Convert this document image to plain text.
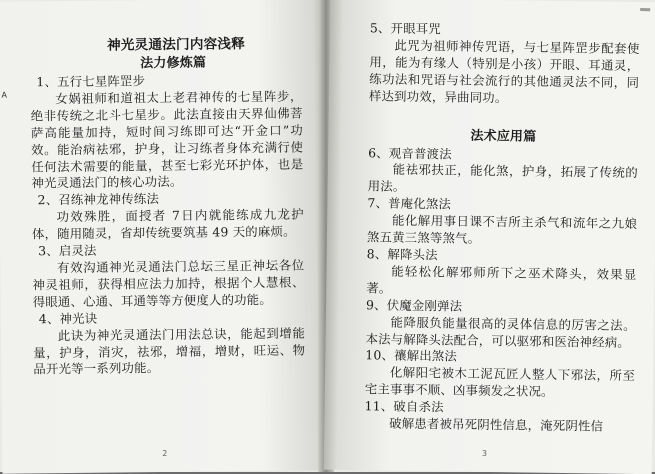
神光灵通法门内容浅释
法力修炼篇
1、五行七星阵罡步

女娲祖师和道祖太上老君神传的七星阵步，绝非传统之北斗七星步。此法直接由天界仙佛菩萨高能量加持，短时间习练即可达“开金口”功效。能治病祛邪，护身，让习练者身体充满行使任何法术需要的能量，甚至七彩光环护体，也是神光灵通法门的核心功法。

2、召练神龙神传练法

功效殊胜，面授者 7日内就能练成九龙护体，随用随灵，省却传统要筑基 49 天的麻烦。

3、启灵法

有效沟通神光灵通法门总坛三星正神坛各位神灵祖师，获得相应法力加持，根据个人慧根、得眼通、心通、耳通等等方便度人的功能。

4、神光诀

此诀为神光灵通法门用法总诀，能起到增能量，护身，消灾，祛邪，增福，增财，旺运、物品开光等一系列功能。

A
2
5、开眼耳咒

此咒为祖师神传咒语，与七星阵罡步配套使用，能为有缘人（特别是小孩）开眼、耳通灵，练功法和咒语与社会流行的其他通灵法不同，同样达到功效，异曲同功。

法术应用篇
6、观音普渡法

能祛邪扶正，能化煞，护身，拓展了传统的用法。

7、普庵化煞法

能化解用事日课不吉所主杀气和流年之九娘煞五黄三煞等煞气。

8、解降头法

能轻松化解邪师所下之巫术降头，效果显著。

9、伏魔金刚弹法

能降服负能量很高的灵体信息的厉害之法。本法与解降头法配合，可以驱邪和医治神经病。

10、禳解出煞法

化解阳宅被木工泥瓦匠人整人下邪法，所至宅主事事不顺、凶事频发之状况。

11、破自杀法

破解患者被吊死阴性信息，淹死阴性信

3
